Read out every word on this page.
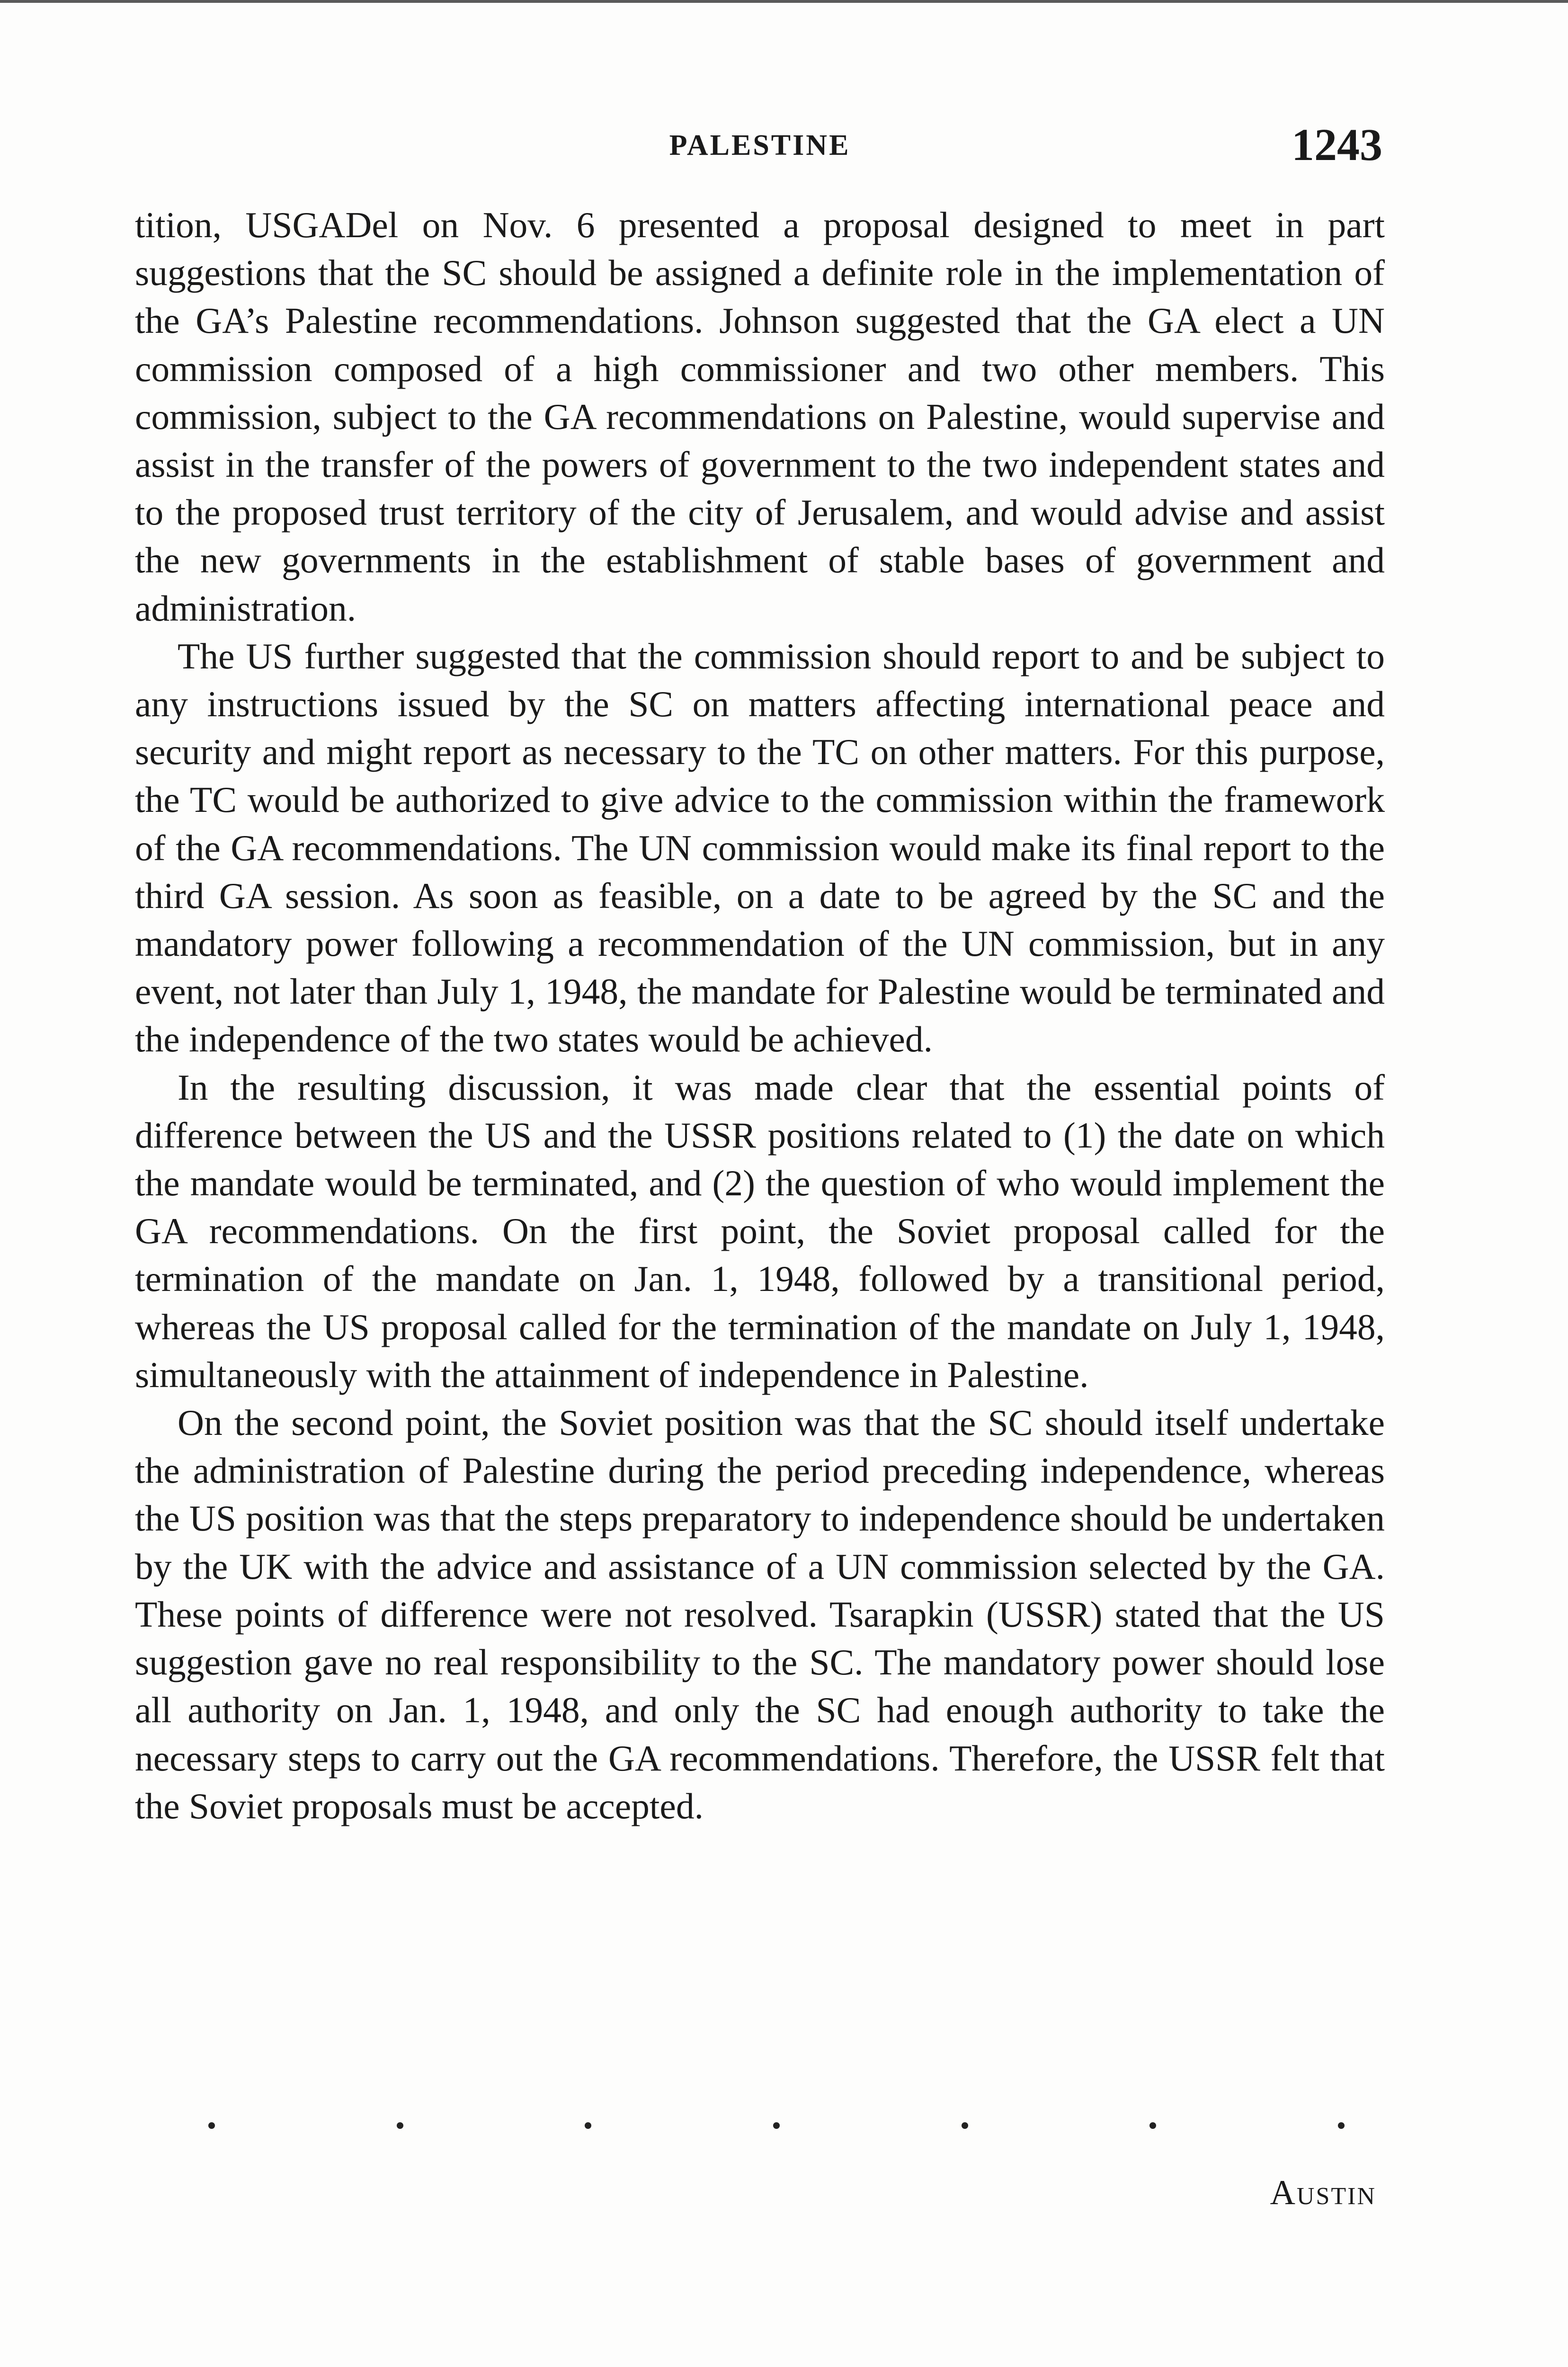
PALESTINE	1243

tition, USGADel on Nov. 6 presented a proposal designed to meet in part suggestions that the SC should be assigned a definite role in the implementation of the GA’s Palestine recommendations. Johnson suggested that the GA elect a UN commission composed of a high commissioner and two other members. This commission, subject to the GA recommendations on Palestine, would supervise and assist in the transfer of the powers of government to the two independent states and to the proposed trust territory of the city of Jerusalem, and would advise and assist the new governments in the establishment of stable bases of government and administration.

The US further suggested that the commission should report to and be subject to any instructions issued by the SC on matters affecting international peace and security and might report as necessary to the TC on other matters. For this purpose, the TC would be authorized to give advice to the commission within the framework of the GA recommendations. The UN commission would make its final report to the third GA session. As soon as feasible, on a date to be agreed by the SC and the mandatory power following a recommendation of the UN commission, but in any event, not later than July 1, 1948, the mandate for Palestine would be terminated and the independence of the two states would be achieved.

In the resulting discussion, it was made clear that the essential points of difference between the US and the USSR positions related to (1) the date on which the mandate would be terminated, and (2) the question of who would implement the GA recommendations. On the first point, the Soviet proposal called for the termination of the mandate on Jan. 1, 1948, followed by a transitional period, whereas the US proposal called for the termination of the mandate on July 1, 1948, simultaneously with the attainment of independence in Palestine.

On the second point, the Soviet position was that the SC should itself undertake the administration of Palestine during the period preceding independence, whereas the US position was that the steps preparatory to independence should be undertaken by the UK with the advice and assistance of a UN commission selected by the GA. These points of difference were not resolved. Tsarapkin (USSR) stated that the US suggestion gave no real responsibility to the SC. The mandatory power should lose all authority on Jan. 1, 1948, and only the SC had enough authority to take the necessary steps to carry out the GA recommendations. Therefore, the USSR felt that the Soviet proposals must be accepted.

Austin
